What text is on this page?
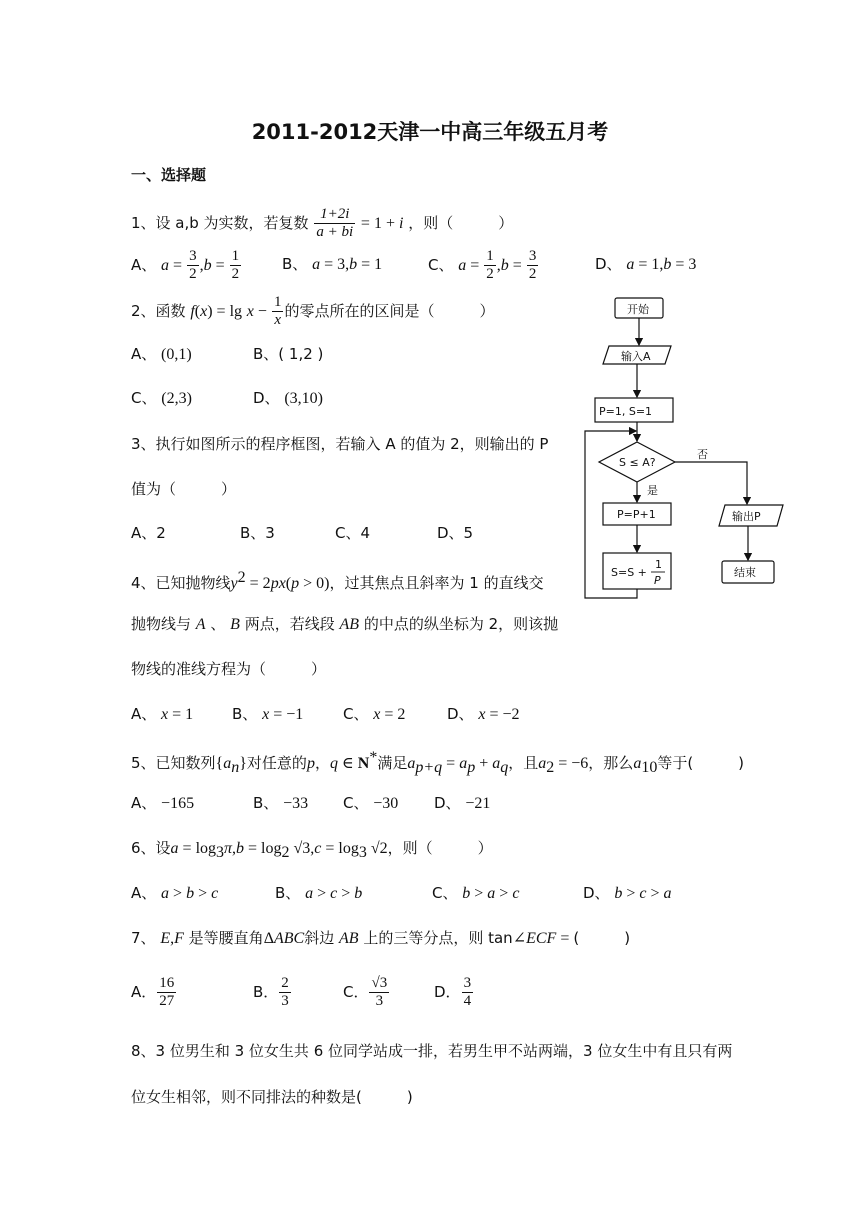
2011-2012天津一中高三年级五月考
一、选择题
1、设 a,b 为实数，若复数 $\frac{1+2i}{a + bi} = 1 + i$ ，则（　　　）
A、 $a = \frac{3}{2} ,b = \frac{1}{2}$	B、 a = 3,b = 1	C、 $a = \frac{1}{2} ,b = \frac{3}{2}$	D、 a = 1,b = 3
2、函数 $f(x) = \lg x - \frac{1}{x}$ 的零点所在的区间是（　　　）
A、 (0,1)	B、( 1,2 )
C、 (2,3)	D、 (3,10)
3、执行如图所示的程序框图，若输入 A 的值为 2，则输出的 P
值为（　　　）
A、2	B、3	C、4	D、5
开始
输入A
P=1, S=1
S ≤ A?
否
是
P=P+1
S=S +
1
P
输出P
结束
4、已知抛物线$y^2 = 2px(p > 0)$，过其焦点且斜率为 1 的直线交
抛物线与 A 、 B 两点，若线段 AB 的中点的纵坐标为 2，则该抛
物线的准线方程为（　　　）
A、 x = 1	B、 x = −1	C、 x = 2	D、 x = −2
5、已知数列$\{a_n\}$对任意的p，q ∈ N*满足$a_{p+q} = a_p + a_q$，且$a_2 = -6$，那么$a_{10}$等于(　　　)
A、 −165	B、 −33 C、 −30 D、 −21
6、设$a = \log_3\pi,b = \log_2 √3,c = \log_3 √2$，则（　　　）
A、 a > b > c	B、 a > c > b	C、 b > a > c	D、 b > c > a
7、 E,F 是等腰直角ΔABC斜边 AB 上的三等分点，则 tan∠ECF = (　　　)
A． $\frac{16}{27}$	B． $\frac{2}{3}$	C． $\frac{√3}{3}$	D． $\frac{3}{4}$
8、3 位男生和 3 位女生共 6 位同学站成一排，若男生甲不站两端，3 位女生中有且只有两
位女生相邻，则不同排法的种数是(　　　)
